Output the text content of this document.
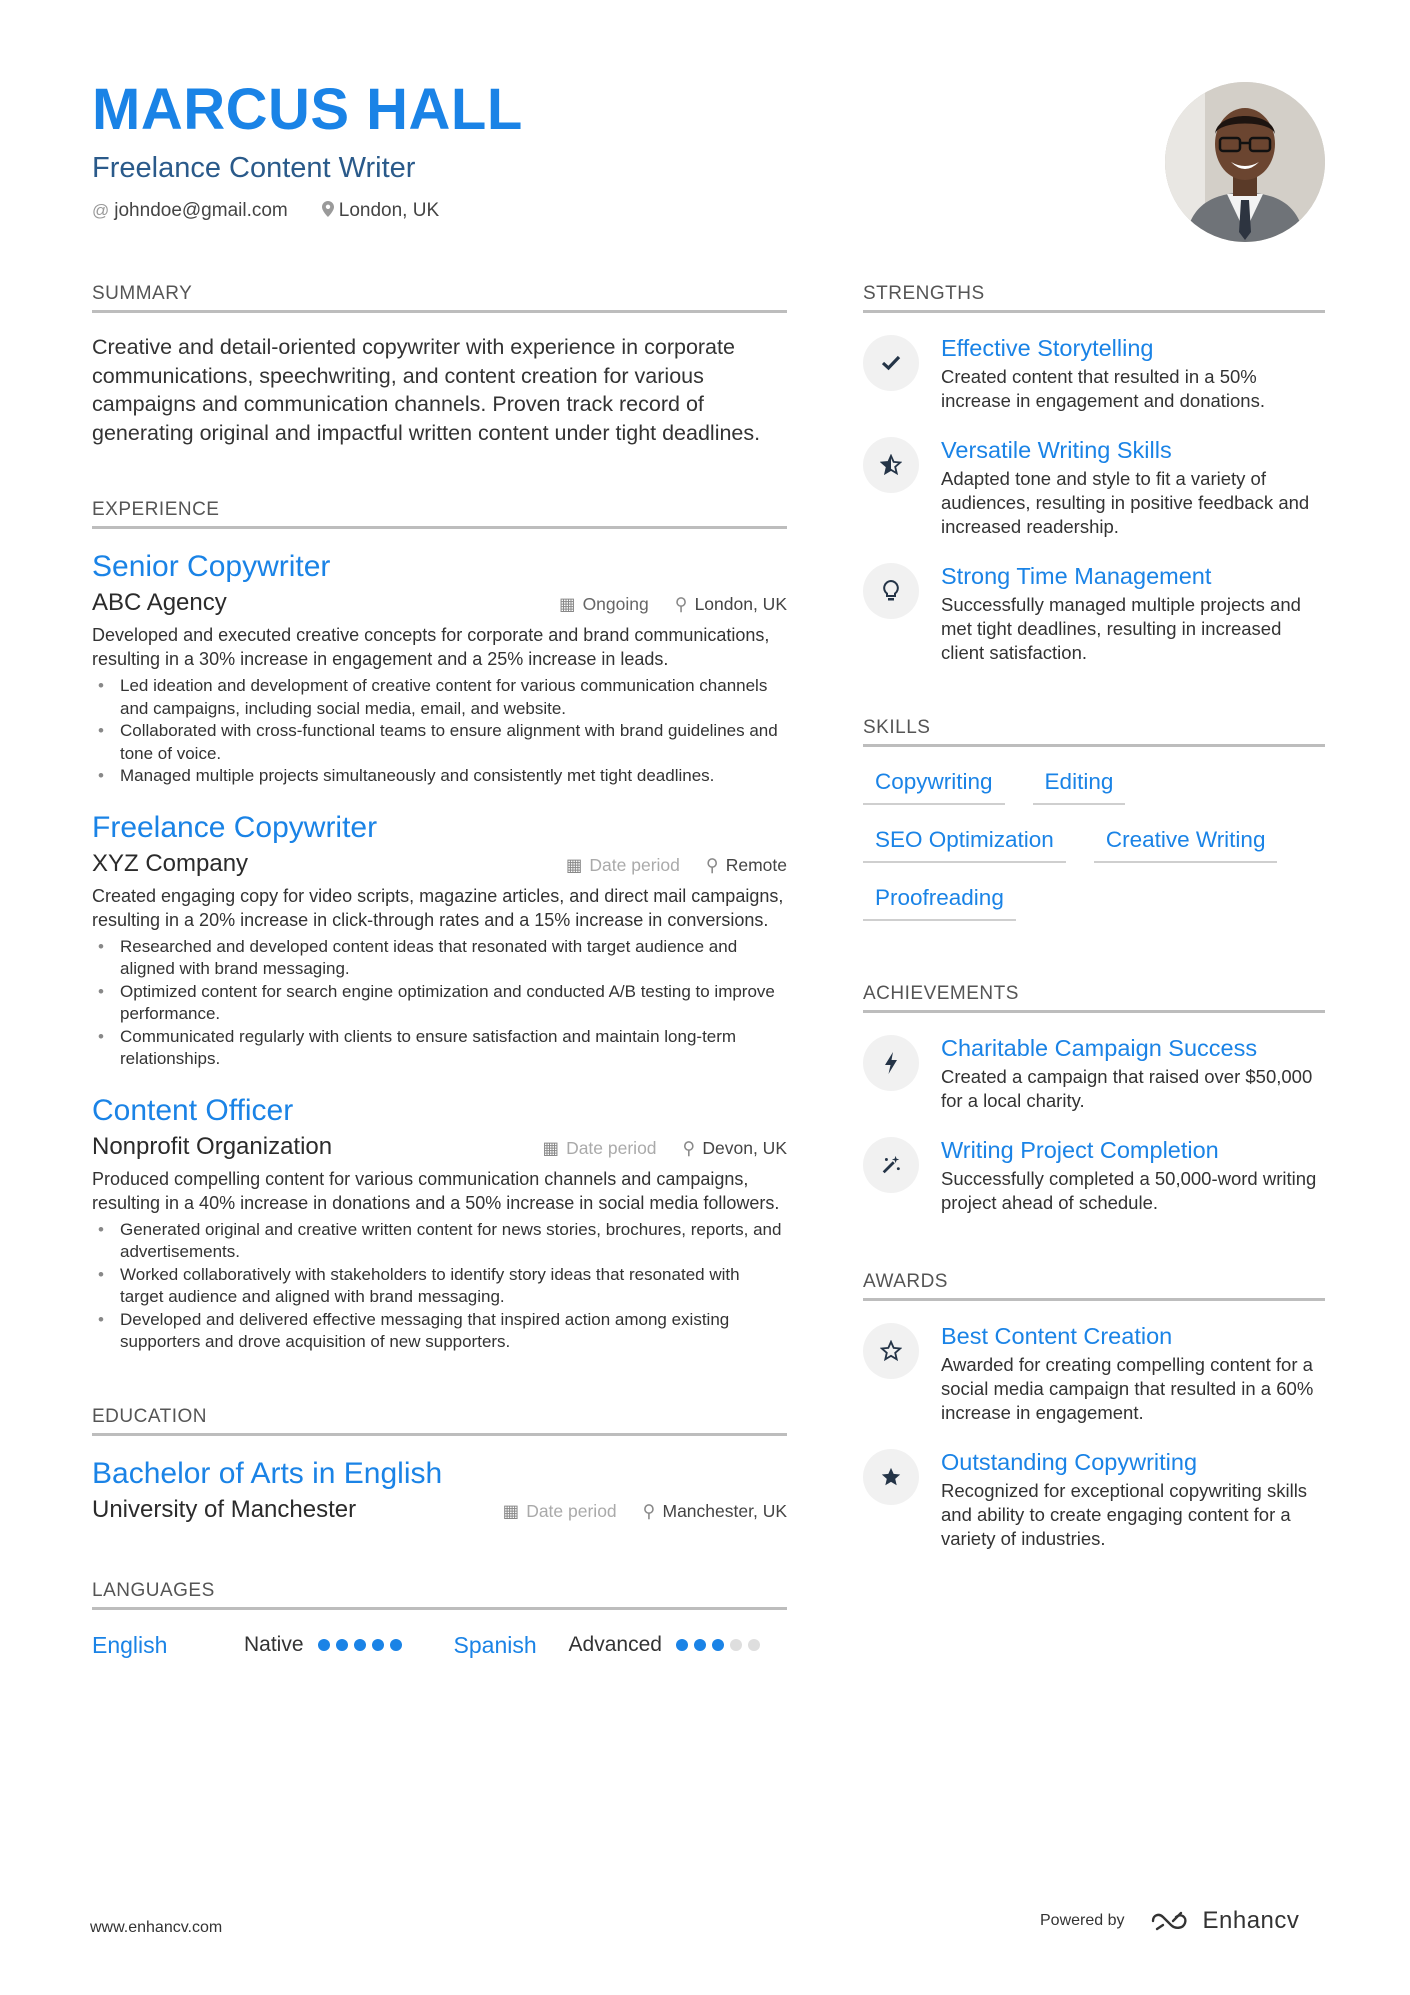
MARCUS HALL
Freelance Content Writer
@ johndoe@gmail.com	London, UK
SUMMARY
Creative and detail-oriented copywriter with experience in corporate communications, speechwriting, and content creation for various campaigns and communication channels. Proven track record of generating original and impactful written content under tight deadlines.
EXPERIENCE
Senior Copywriter
ABC Agency	▦ Ongoing ⚲ London, UK
Developed and executed creative concepts for corporate and brand communications, resulting in a 30% increase in engagement and a 25% increase in leads.
• Led ideation and development of creative content for various communication channels and campaigns, including social media, email, and website.
• Collaborated with cross-functional teams to ensure alignment with brand guidelines and tone of voice.
• Managed multiple projects simultaneously and consistently met tight deadlines.
Freelance Copywriter
XYZ Company	▦ Date period ⚲ Remote
Created engaging copy for video scripts, magazine articles, and direct mail campaigns, resulting in a 20% increase in click-through rates and a 15% increase in conversions.
• Researched and developed content ideas that resonated with target audience and aligned with brand messaging.
• Optimized content for search engine optimization and conducted A/B testing to improve performance.
• Communicated regularly with clients to ensure satisfaction and maintain long-term relationships.
Content Officer
Nonprofit Organization	▦ Date period ⚲ Devon, UK
Produced compelling content for various communication channels and campaigns, resulting in a 40% increase in donations and a 50% increase in social media followers.
• Generated original and creative written content for news stories, brochures, reports, and advertisements.
• Worked collaboratively with stakeholders to identify story ideas that resonated with target audience and aligned with brand messaging.
• Developed and delivered effective messaging that inspired action among existing supporters and drove acquisition of new supporters.
EDUCATION
Bachelor of Arts in English
University of Manchester	▦ Date period ⚲ Manchester, UK
LANGUAGES
English	Native	Spanish	Advanced
STRENGTHS
Effective Storytelling
Created content that resulted in a 50% increase in engagement and donations.
Versatile Writing Skills
Adapted tone and style to fit a variety of audiences, resulting in positive feedback and increased readership.
Strong Time Management
Successfully managed multiple projects and met tight deadlines, resulting in increased client satisfaction.
SKILLS
Copywriting	Editing
SEO Optimization	Creative Writing
Proofreading
ACHIEVEMENTS
Charitable Campaign Success
Created a campaign that raised over $50,000 for a local charity.
Writing Project Completion
Successfully completed a 50,000-word writing project ahead of schedule.
AWARDS
Best Content Creation
Awarded for creating compelling content for a social media campaign that resulted in a 60% increase in engagement.
Outstanding Copywriting
Recognized for exceptional copywriting skills and ability to create engaging content for a variety of industries.
www.enhancv.com	Powered by	Enhancv
